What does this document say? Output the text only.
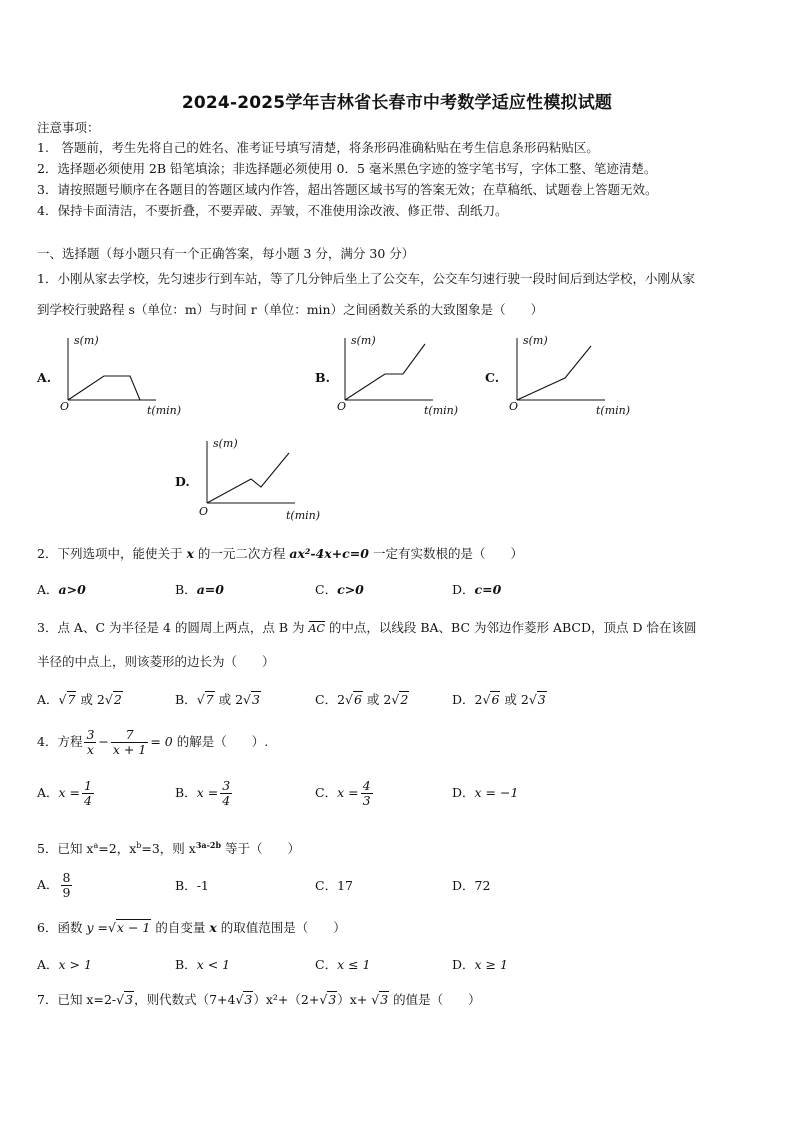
2024-2025学年吉林省长春市中考数学适应性模拟试题
注意事项：
1.　答题前，考生先将自己的姓名、准考证号填写清楚，将条形码准确粘贴在考生信息条形码粘贴区。
2．选择题必须使用 2B 铅笔填涂；非选择题必须使用 0．5 毫米黑色字迹的签字笔书写，字体工整、笔迹清楚。
3．请按照题号顺序在各题目的答题区域内作答，超出答题区域书写的答案无效；在草稿纸、试题卷上答题无效。
4．保持卡面清洁，不要折叠，不要弄破、弄皱，不准使用涂改液、修正带、刮纸刀。
一、选择题（每小题只有一个正确答案，每小题 3 分，满分 30 分）
1．小刚从家去学校，先匀速步行到车站，等了几分钟后坐上了公交车，公交车匀速行驶一段时间后到达学校，小刚从家
到学校行驶路程 s（单位：m）与时间 r（单位：min）之间函数关系的大致图象是（　　）
A.
s(m)
t(min)
O
B.
s(m)
t(min)
O
C.
s(m)
t(min)
O
D.
s(m)
t(min)
O
2．下列选项中，能使关于 x 的一元二次方程 ax²-4x+c=0 一定有实数根的是（　　）
A．a>0	B．a=0	C．c>0	D．c=0
3．点 A、C 为半径是 4 的圆周上两点，点 B 为 AC 的中点，以线段 BA、BC 为邻边作菱形 ABCD，顶点 D 恰在该圆
半径的中点上，则该菱形的边长为（　　）
A．√7 或 2√2	B．√7 或 2√3	C．2√6 或 2√2	D．2√6 或 2√3
4．方程 $\frac{3}{x} - \frac{7}{x + 1} = 0$ 的解是（　　）.
A．$x = \frac{1}{4}$	B．$x = \frac{3}{4}$	C．$x = \frac{4}{3}$	D．x = −1
5．已知 $x^a=2$，$x^b=3$，则 $x^{3a-2b}$ 等于（　　）
A． $\frac{8}{9}$	B．-1	C．17	D．72
6．函数 y =√x − 1 的自变量 x 的取值范围是（　　）
A．x > 1	B．x < 1	C．x ≤ 1	D．x ≥ 1
7．已知 x=2-√3，则代数式（7+4√3）x²+（2+√3）x+ √3 的值是（　　）
